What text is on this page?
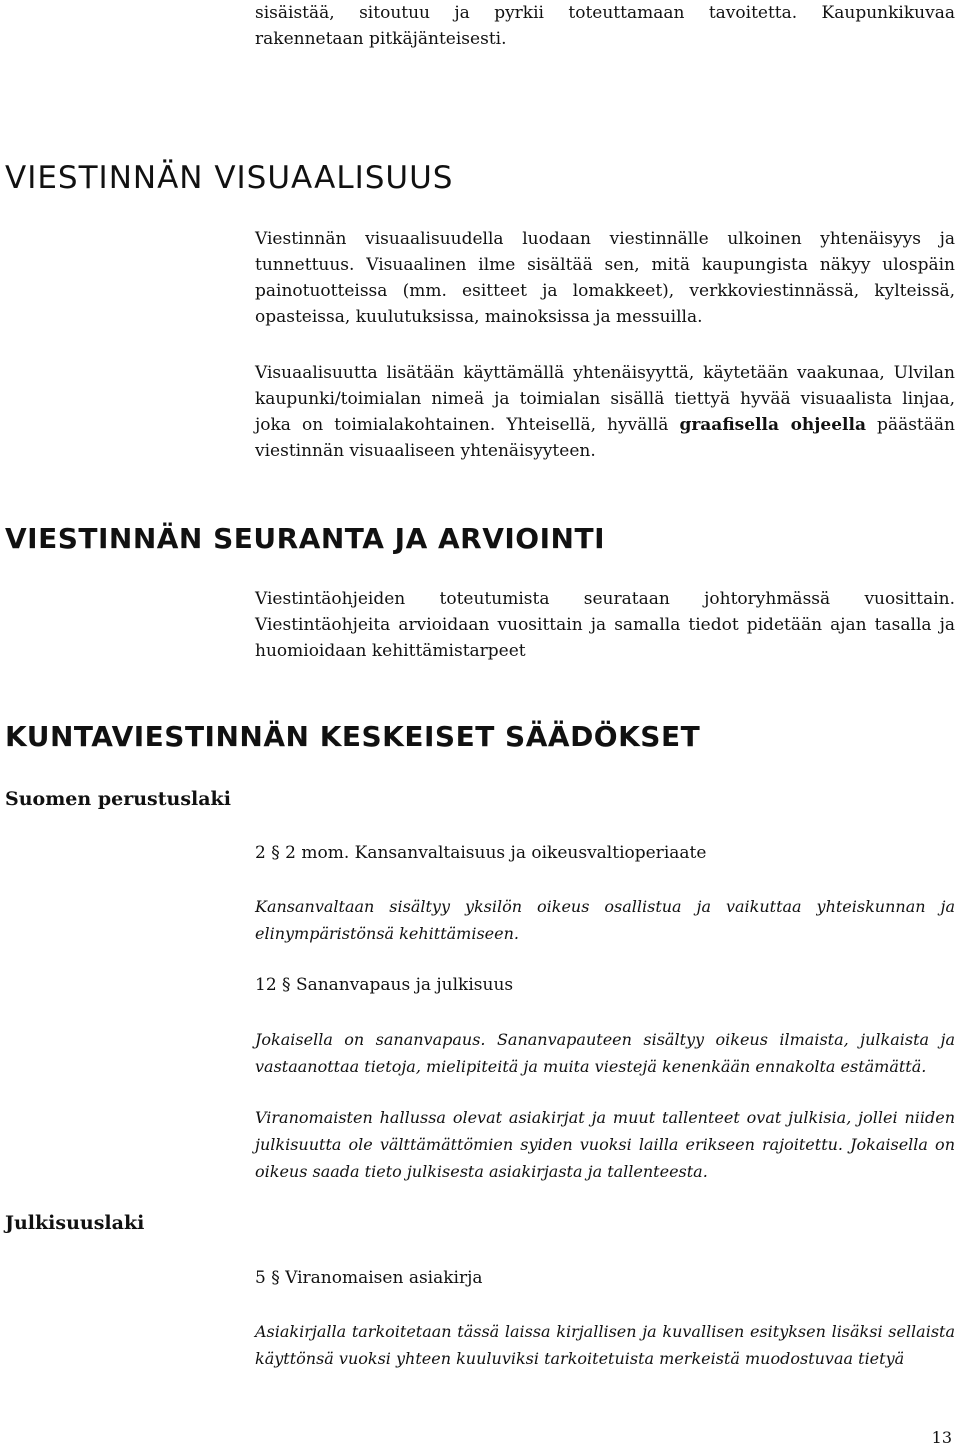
sisäistää, sitoutuu ja pyrkii toteuttamaan tavoitetta. Kaupunkikuvaa rakennetaan pitkäjänteisesti.

VIESTINNÄN VISUAALISUUS

Viestinnän visuaalisuudella luodaan viestinnälle ulkoinen yhtenäisyys ja tunnettuus. Visuaalinen ilme sisältää sen, mitä kaupungista näkyy ulospäin painotuotteissa (mm. esitteet ja lomakkeet), verkkoviestinnässä, kylteissä, opasteissa, kuulutuksissa, mainoksissa ja messuilla.

Visuaalisuutta lisätään käyttämällä yhtenäisyyttä, käytetään vaakunaa, Ulvilan kaupunki/toimialan nimeä ja toimialan sisällä tiettyä hyvää visuaalista linjaa, joka on toimialakohtainen. Yhteisellä, hyvällä graafisella ohjeella päästään viestinnän visuaaliseen yhtenäisyyteen.

VIESTINNÄN SEURANTA JA ARVIOINTI

Viestintäohjeiden toteutumista seurataan johtoryhmässä vuosittain. Viestintäohjeita arvioidaan vuosittain ja samalla tiedot pidetään ajan tasalla ja huomioidaan kehittämistarpeet

KUNTAVIESTINNÄN KESKEISET SÄÄDÖKSET
Suomen perustuslaki

2 § 2 mom. Kansanvaltaisuus ja oikeusvaltioperiaate

Kansanvaltaan sisältyy yksilön oikeus osallistua ja vaikuttaa yhteiskunnan ja elinympäristönsä kehittämiseen.

12 § Sananvapaus ja julkisuus

Jokaisella on sananvapaus. Sananvapauteen sisältyy oikeus ilmaista, julkaista ja vastaanottaa tietoja, mielipiteitä ja muita viestejä kenenkään ennakolta estämättä.

Viranomaisten hallussa olevat asiakirjat ja muut tallenteet ovat julkisia, jollei niiden julkisuutta ole välttämättömien syiden vuoksi lailla erikseen rajoitettu. Jokaisella on oikeus saada tieto julkisesta asiakirjasta ja tallenteesta.

Julkisuuslaki

5 § Viranomaisen asiakirja

Asiakirjalla tarkoitetaan tässä laissa kirjallisen ja kuvallisen esityksen lisäksi sellaista käyttönsä vuoksi yhteen kuuluviksi tarkoitetuista merkeistä muodostuvaa tietyä

13
